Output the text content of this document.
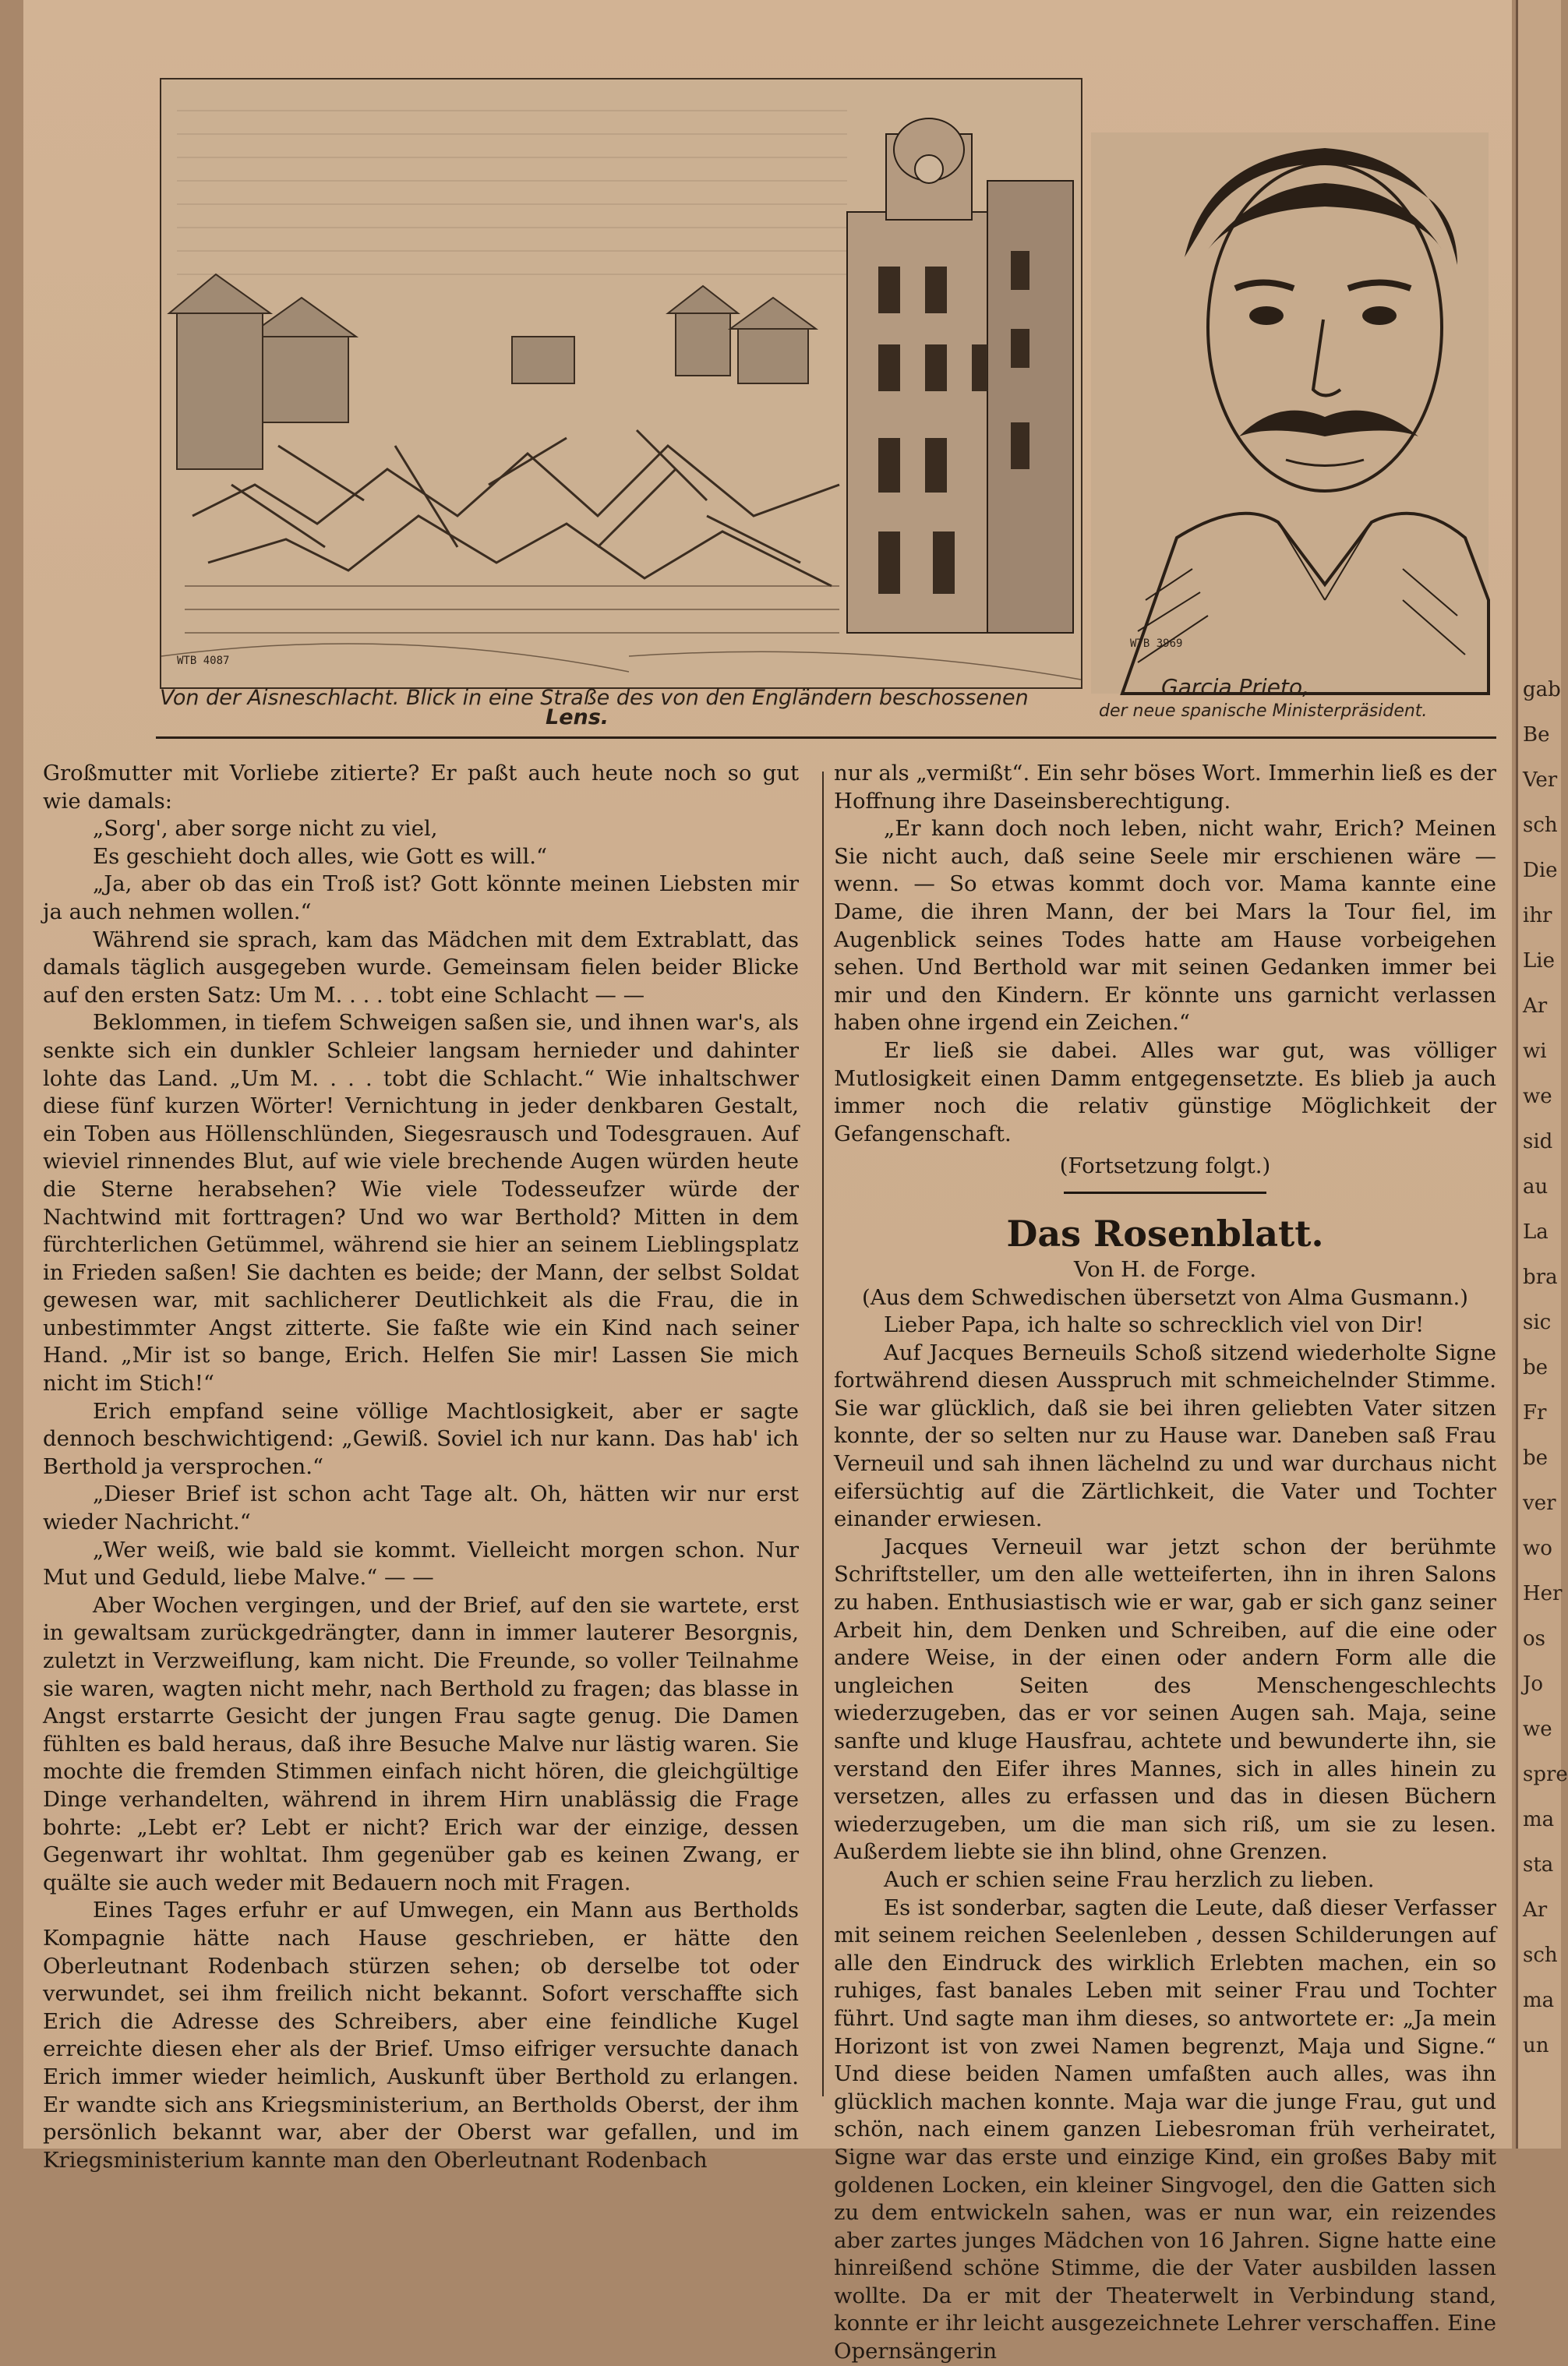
WTB 4087
Von der Aisneschlacht. Blick in eine Straße des von den Engländern beschossenen
Lens.
WTB 3969
Garcia Prieto,
der neue spanische Ministerpräsident.

Großmutter mit Vorliebe zitierte? Er paßt auch heute noch so gut wie damals:

„Sorg', aber sorge nicht zu viel,

Es geschieht doch alles, wie Gott es will.“

„Ja, aber ob das ein Troß ist? Gott könnte meinen Liebsten mir ja auch nehmen wollen.“

Während sie sprach, kam das Mädchen mit dem Extrablatt, das damals täglich ausgegeben wurde. Gemeinsam fielen beider Blicke auf den ersten Satz: Um M. . . . tobt eine Schlacht — —

Beklommen, in tiefem Schweigen saßen sie, und ihnen war's, als senkte sich ein dunkler Schleier langsam hernieder und dahinter lohte das Land. „Um M. . . . tobt die Schlacht.“ Wie inhaltschwer diese fünf kurzen Wörter! Vernichtung in jeder denkbaren Gestalt, ein Toben aus Höllenschlünden, Siegesrausch und Todesgrauen. Auf wieviel rinnendes Blut, auf wie viele brechende Augen würden heute die Sterne herabsehen? Wie viele Todesseufzer würde der Nachtwind mit forttragen? Und wo war Berthold? Mitten in dem fürchterlichen Getümmel, während sie hier an seinem Lieblingsplatz in Frieden saßen! Sie dachten es beide; der Mann, der selbst Soldat gewesen war, mit sachlicherer Deutlichkeit als die Frau, die in unbestimmter Angst zitterte. Sie faßte wie ein Kind nach seiner Hand. „Mir ist so bange, Erich. Helfen Sie mir! Lassen Sie mich nicht im Stich!“

Erich empfand seine völlige Machtlosigkeit, aber er sagte dennoch beschwichtigend: „Gewiß. Soviel ich nur kann. Das hab' ich Berthold ja versprochen.“

„Dieser Brief ist schon acht Tage alt. Oh, hätten wir nur erst wieder Nachricht.“

„Wer weiß, wie bald sie kommt. Vielleicht morgen schon. Nur Mut und Geduld, liebe Malve.“ — —

Aber Wochen vergingen, und der Brief, auf den sie wartete, erst in gewaltsam zurückgedrängter, dann in immer lauterer Besorgnis, zuletzt in Verzweiflung, kam nicht. Die Freunde, so voller Teilnahme sie waren, wagten nicht mehr, nach Berthold zu fragen; das blasse in Angst erstarrte Gesicht der jungen Frau sagte genug. Die Damen fühlten es bald heraus, daß ihre Besuche Malve nur lästig waren. Sie mochte die fremden Stimmen einfach nicht hören, die gleichgültige Dinge verhandelten, während in ihrem Hirn unablässig die Frage bohrte: „Lebt er? Lebt er nicht? Erich war der einzige, dessen Gegenwart ihr wohltat. Ihm gegenüber gab es keinen Zwang, er quälte sie auch weder mit Bedauern noch mit Fragen.

Eines Tages erfuhr er auf Umwegen, ein Mann aus Bertholds Kompagnie hätte nach Hause geschrieben, er hätte den Oberleutnant Rodenbach stürzen sehen; ob derselbe tot oder verwundet, sei ihm freilich nicht bekannt. Sofort verschaffte sich Erich die Adresse des Schreibers, aber eine feindliche Kugel erreichte diesen eher als der Brief. Umso eifriger versuchte danach Erich immer wieder heimlich, Auskunft über Berthold zu erlangen. Er wandte sich ans Kriegsministerium, an Bertholds Oberst, der ihm persönlich bekannt war, aber der Oberst war gefallen, und im Kriegsministerium kannte man den Oberleutnant Rodenbach

nur als „vermißt“. Ein sehr böses Wort. Immerhin ließ es der Hoffnung ihre Daseinsberechtigung.

„Er kann doch noch leben, nicht wahr, Erich? Meinen Sie nicht auch, daß seine Seele mir erschienen wäre — wenn. — So etwas kommt doch vor. Mama kannte eine Dame, die ihren Mann, der bei Mars la Tour fiel, im Augenblick seines Todes hatte am Hause vorbeigehen sehen. Und Berthold war mit seinen Gedanken immer bei mir und den Kindern. Er könnte uns garnicht verlassen haben ohne irgend ein Zeichen.“

Er ließ sie dabei. Alles war gut, was völliger Mutlosigkeit einen Damm entgegensetzte. Es blieb ja auch immer noch die relativ günstige Möglichkeit der Gefangenschaft.

(Fortsetzung folgt.)

Das Rosenblatt.

Von H. de Forge.

(Aus dem Schwedischen übersetzt von Alma Gusmann.)

Lieber Papa, ich halte so schrecklich viel von Dir!

Auf Jacques Berneuils Schoß sitzend wiederholte Signe fortwährend diesen Ausspruch mit schmeichelnder Stimme. Sie war glücklich, daß sie bei ihren geliebten Vater sitzen konnte, der so selten nur zu Hause war. Daneben saß Frau Verneuil und sah ihnen lächelnd zu und war durchaus nicht eifersüchtig auf die Zärtlichkeit, die Vater und Tochter einander erwiesen.

Jacques Verneuil war jetzt schon der berühmte Schriftsteller, um den alle wetteiferten, ihn in ihren Salons zu haben. Enthusiastisch wie er war, gab er sich ganz seiner Arbeit hin, dem Denken und Schreiben, auf die eine oder andere Weise, in der einen oder andern Form alle die ungleichen Seiten des Menschengeschlechts wiederzugeben, das er vor seinen Augen sah. Maja, seine sanfte und kluge Hausfrau, achtete und bewunderte ihn, sie verstand den Eifer ihres Mannes, sich in alles hinein zu versetzen, alles zu erfassen und das in diesen Büchern wiederzugeben, um die man sich riß, um sie zu lesen. Außerdem liebte sie ihn blind, ohne Grenzen.

Auch er schien seine Frau herzlich zu lieben.

Es ist sonderbar, sagten die Leute, daß dieser Verfasser mit seinem reichen Seelenleben , dessen Schilderungen auf alle den Eindruck des wirklich Erlebten machen, ein so ruhiges, fast banales Leben mit seiner Frau und Tochter führt. Und sagte man ihm dieses, so antwortete er: „Ja mein Horizont ist von zwei Namen begrenzt, Maja und Signe.“ Und diese beiden Namen umfaßten auch alles, was ihn glücklich machen konnte. Maja war die junge Frau, gut und schön, nach einem ganzen Liebesroman früh verheiratet, Signe war das erste und einzige Kind, ein großes Baby mit goldenen Locken, ein kleiner Singvogel, den die Gatten sich zu dem entwickeln sahen, was er nun war, ein reizendes aber zartes junges Mädchen von 16 Jahren. Signe hatte eine hinreißend schöne Stimme, die der Vater ausbilden lassen wollte. Da er mit der Theaterwelt in Verbindung stand, konnte er ihr leicht ausgezeichnete Lehrer verschaffen. Eine Opernsängerin

gab
Be
Ver
sch
Die
ihr
Lie
Ar
wi
we
sid
au
La
bra
sic
be
Fr
be
ver
wo
Her
os
Jo
we
spre
ma
sta
Ar
sch
ma
un
